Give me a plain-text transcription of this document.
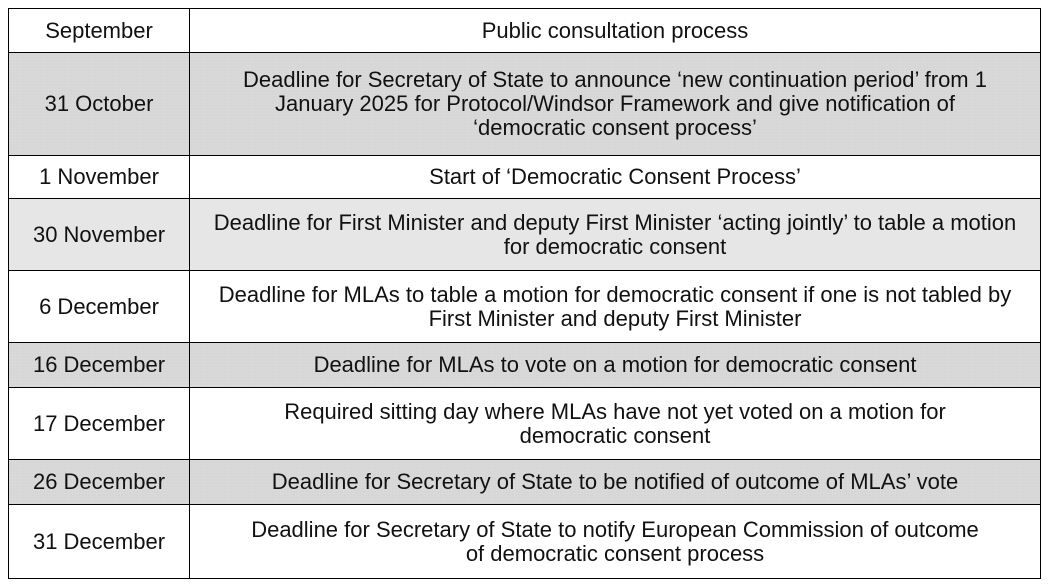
September	Public consultation process
31 October	Deadline for Secretary of State to announce ‘new continuation period’ from 1 January 2025 for Protocol/Windsor Framework and give notification of ‘democratic consent process’
1 November	Start of ‘Democratic Consent Process’
30 November	Deadline for First Minister and deputy First Minister ‘acting jointly’ to table a motion for democratic consent
6 December	Deadline for MLAs to table a motion for democratic consent if one is not tabled by First Minister and deputy First Minister
16 December	Deadline for MLAs to vote on a motion for democratic consent
17 December	Required sitting day where MLAs have not yet voted on a motion for democratic consent
26 December	Deadline for Secretary of State to be notified of outcome of MLAs’ vote
31 December	Deadline for Secretary of State to notify European Commission of outcome of democratic consent process
